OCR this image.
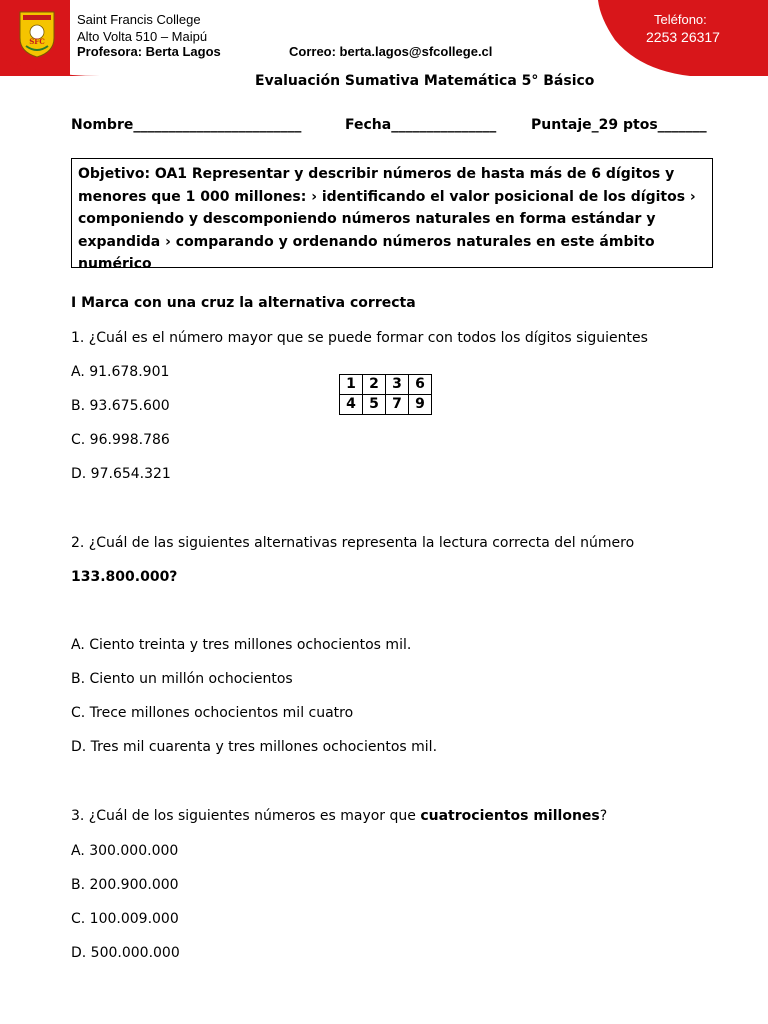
SFC
Saint Francis College
Alto Volta 510 – Maipú
Profesora: Berta Lagos	Correo: berta.lagos@sfcollege.cl
Teléfono:
2253 26317
Evaluación Sumativa Matemática 5° Básico
Nombre________________________	Fecha_______________ Puntaje_29 ptos_______
Objetivo: OA1 Representar y describir números de hasta más de 6 dígitos y menores que 1 000 millones: › identificando el valor posicional de los dígitos › componiendo y descomponiendo números naturales en forma estándar y expandida › comparando y ordenando números naturales en este ámbito numérico
I Marca con una cruz la alternativa correcta
1. ¿Cuál es el número mayor que se puede formar con todos los dígitos siguientes
A. 91.678.901
B. 93.675.600
C. 96.998.786
D. 97.654.321
1	2	3	6
4	5	7	9
2. ¿Cuál de las siguientes alternativas representa la lectura correcta del número
133.800.000?
A. Ciento treinta y tres millones ochocientos mil.
B. Ciento un millón ochocientos
C. Trece millones ochocientos mil cuatro
D. Tres mil cuarenta y tres millones ochocientos mil.
3. ¿Cuál de los siguientes números es mayor que cuatrocientos millones?
A. 300.000.000
B. 200.900.000
C. 100.009.000
D. 500.000.000
